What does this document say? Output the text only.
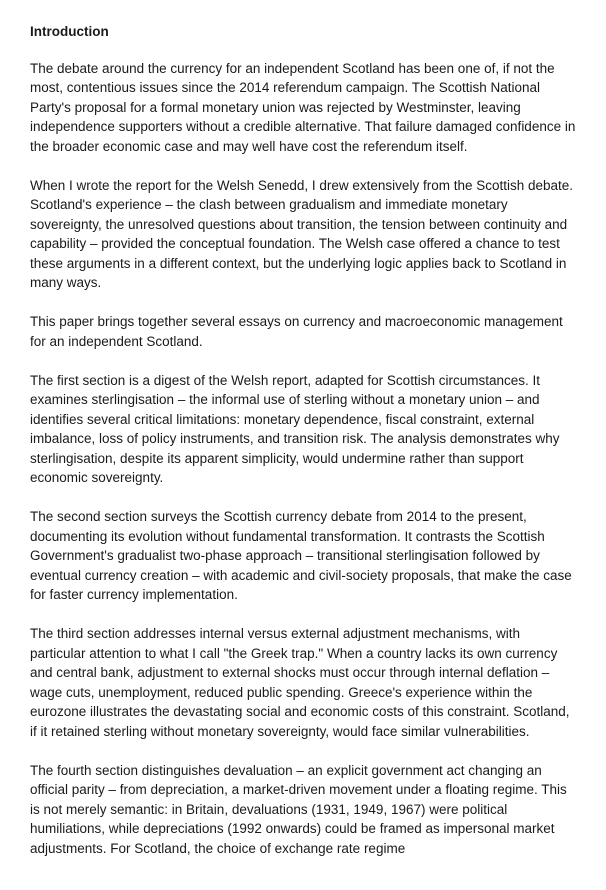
Introduction

The debate around the currency for an independent Scotland has been one of, if not the most, contentious issues since the 2014 referendum campaign. The Scottish National Party's proposal for a formal monetary union was rejected by Westminster, leaving independence supporters without a credible alternative. That failure damaged confidence in the broader economic case and may well have cost the referendum itself.

When I wrote the report for the Welsh Senedd, I drew extensively from the Scottish debate. Scotland's experience – the clash between gradualism and immediate monetary sovereignty, the unresolved questions about transition, the tension between continuity and capability – provided the conceptual foundation. The Welsh case offered a chance to test these arguments in a different context, but the underlying logic applies back to Scotland in many ways.

This paper brings together several essays on currency and macroeconomic management for an independent Scotland.

The first section is a digest of the Welsh report, adapted for Scottish circumstances. It examines sterlingisation – the informal use of sterling without a monetary union – and identifies several critical limitations: monetary dependence, fiscal constraint, external imbalance, loss of policy instruments, and transition risk. The analysis demonstrates why sterlingisation, despite its apparent simplicity, would undermine rather than support economic sovereignty.

The second section surveys the Scottish currency debate from 2014 to the present, documenting its evolution without fundamental transformation. It contrasts the Scottish Government's gradualist two-phase approach – transitional sterlingisation followed by eventual currency creation – with academic and civil-society proposals, that make the case for faster currency implementation.

The third section addresses internal versus external adjustment mechanisms, with particular attention to what I call "the Greek trap." When a country lacks its own currency and central bank, adjustment to external shocks must occur through internal deflation – wage cuts, unemployment, reduced public spending. Greece's experience within the eurozone illustrates the devastating social and economic costs of this constraint. Scotland, if it retained sterling without monetary sovereignty, would face similar vulnerabilities.

The fourth section distinguishes devaluation – an explicit government act changing an official parity – from depreciation, a market-driven movement under a floating regime. This is not merely semantic: in Britain, devaluations (1931, 1949, 1967) were political humiliations, while depreciations (1992 onwards) could be framed as impersonal market adjustments. For Scotland, the choice of exchange rate regime
